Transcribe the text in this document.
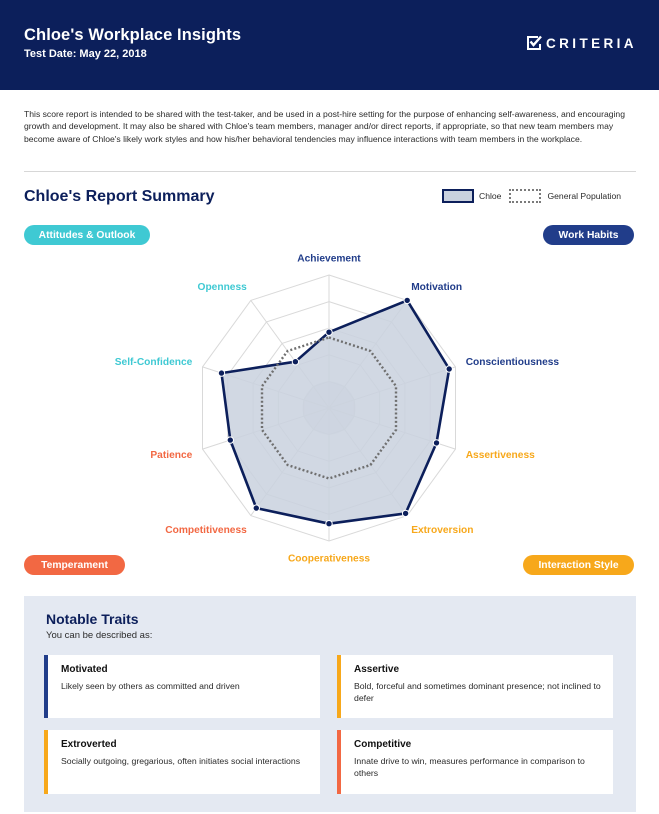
Chloe's Workplace Insights
Test Date: May 22, 2018
CRITERIA
This score report is intended to be shared with the test-taker, and be used in a post-hire setting for the purpose of enhancing self-awareness, and encouraging growth and development. It may also be shared with Chloe's team members, manager and/or direct reports, if appropriate, so that new team members may become aware of Chloe's likely work styles and how his/her behavioral tendencies may influence interactions with team members in the workplace.
Chloe's Report Summary	Chloe	General Population
Attitudes & Outlook	Work Habits
Temperament	Interaction Style
Achievement
Motivation
Conscientiousness
Assertiveness
Extroversion
Cooperativeness
Competitiveness
Patience
Self-Confidence
Openness
Notable Traits
You can be described as:
Motivated
Likely seen by others as committed and driven
Assertive
Bold, forceful and sometimes dominant presence; not inclined to defer
Extroverted
Socially outgoing, gregarious, often initiates social interactions
Competitive
Innate drive to win, measures performance in comparison to others
